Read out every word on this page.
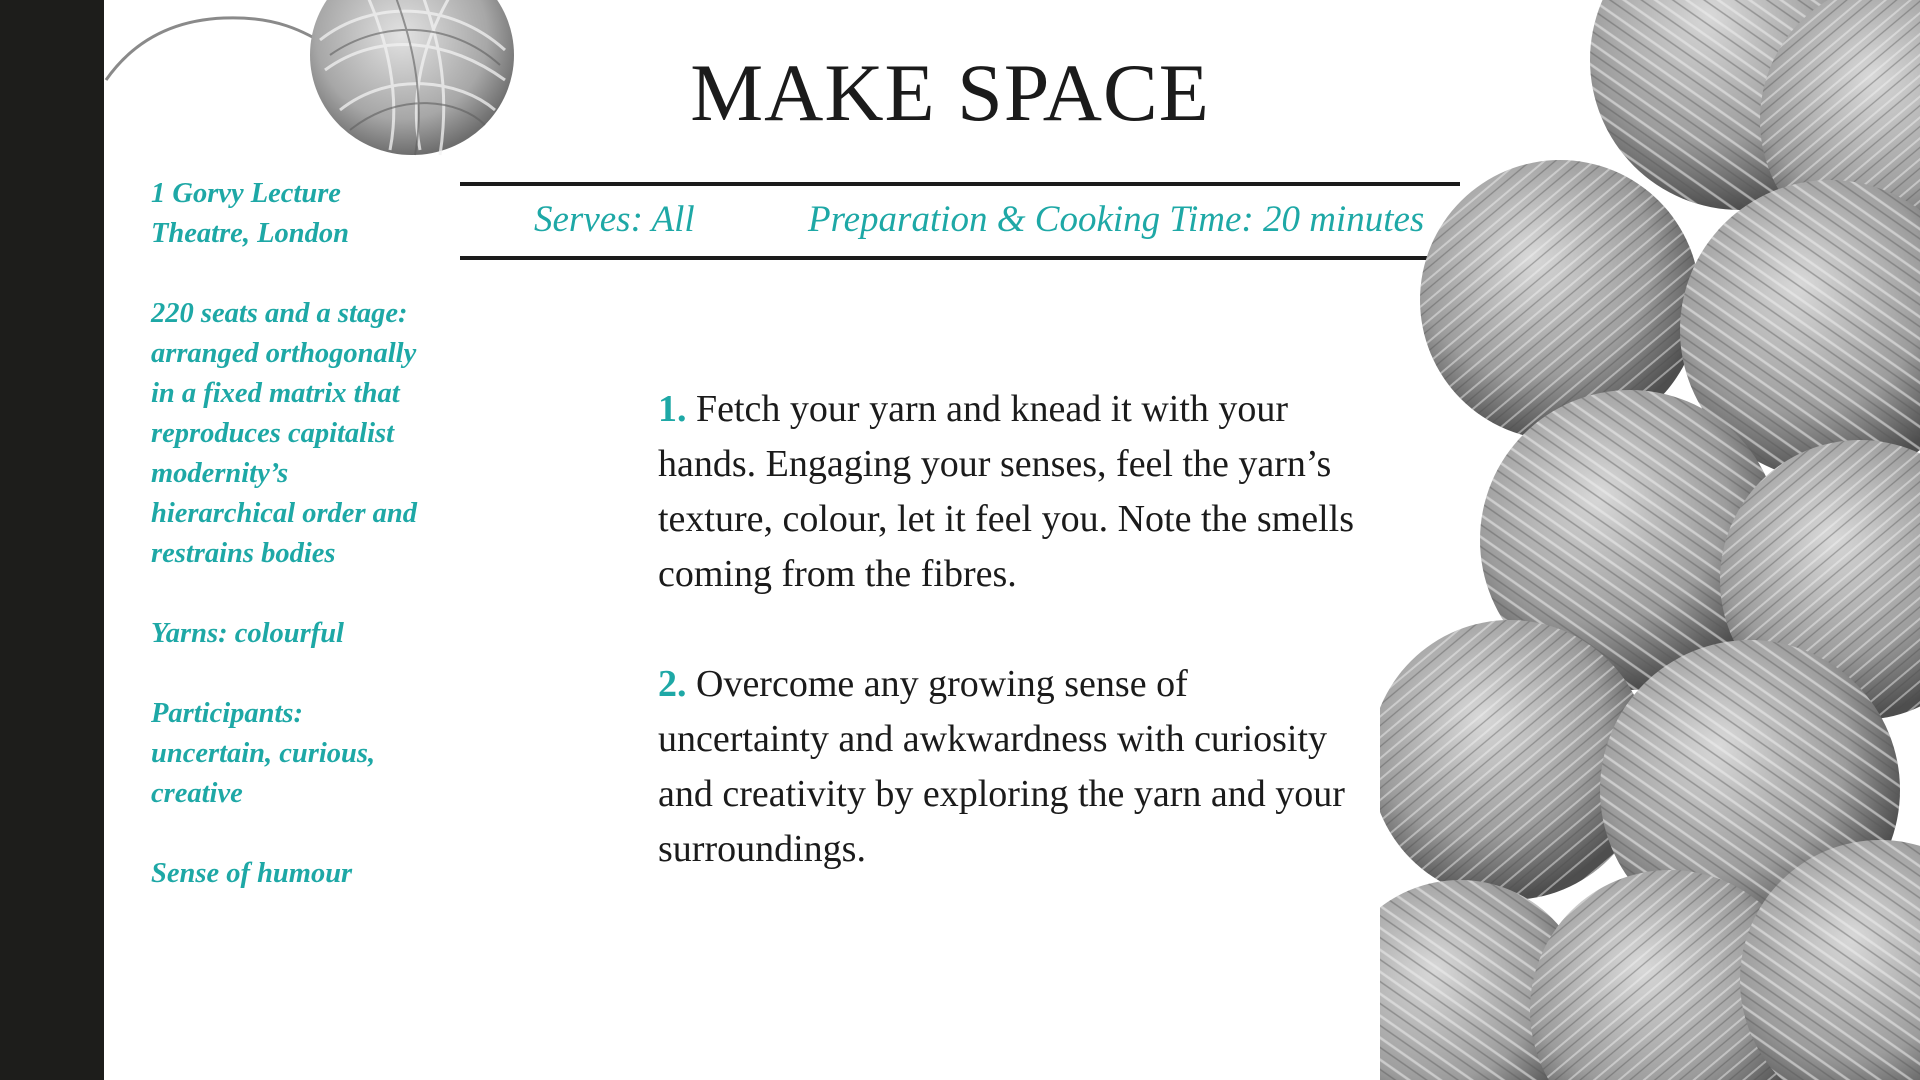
MAKE SPACE
Serves: All	Preparation & Cooking Time: 20 minutes

1 Gorvy Lecture Theatre, London

220 seats and a stage: arranged orthogonally in a fixed matrix that reproduces capitalist modernity’s hierarchical order and restrains bodies

Yarns: colourful

Participants: uncertain, curious, creative

Sense of humour

1. Fetch your yarn and knead it with your hands. Engaging your senses, feel the yarn’s texture, colour, let it feel you. Note the smells coming from the fibres.

2. Overcome any growing sense of uncertainty and awkwardness with curiosity and creativity by exploring the yarn and your surroundings.
